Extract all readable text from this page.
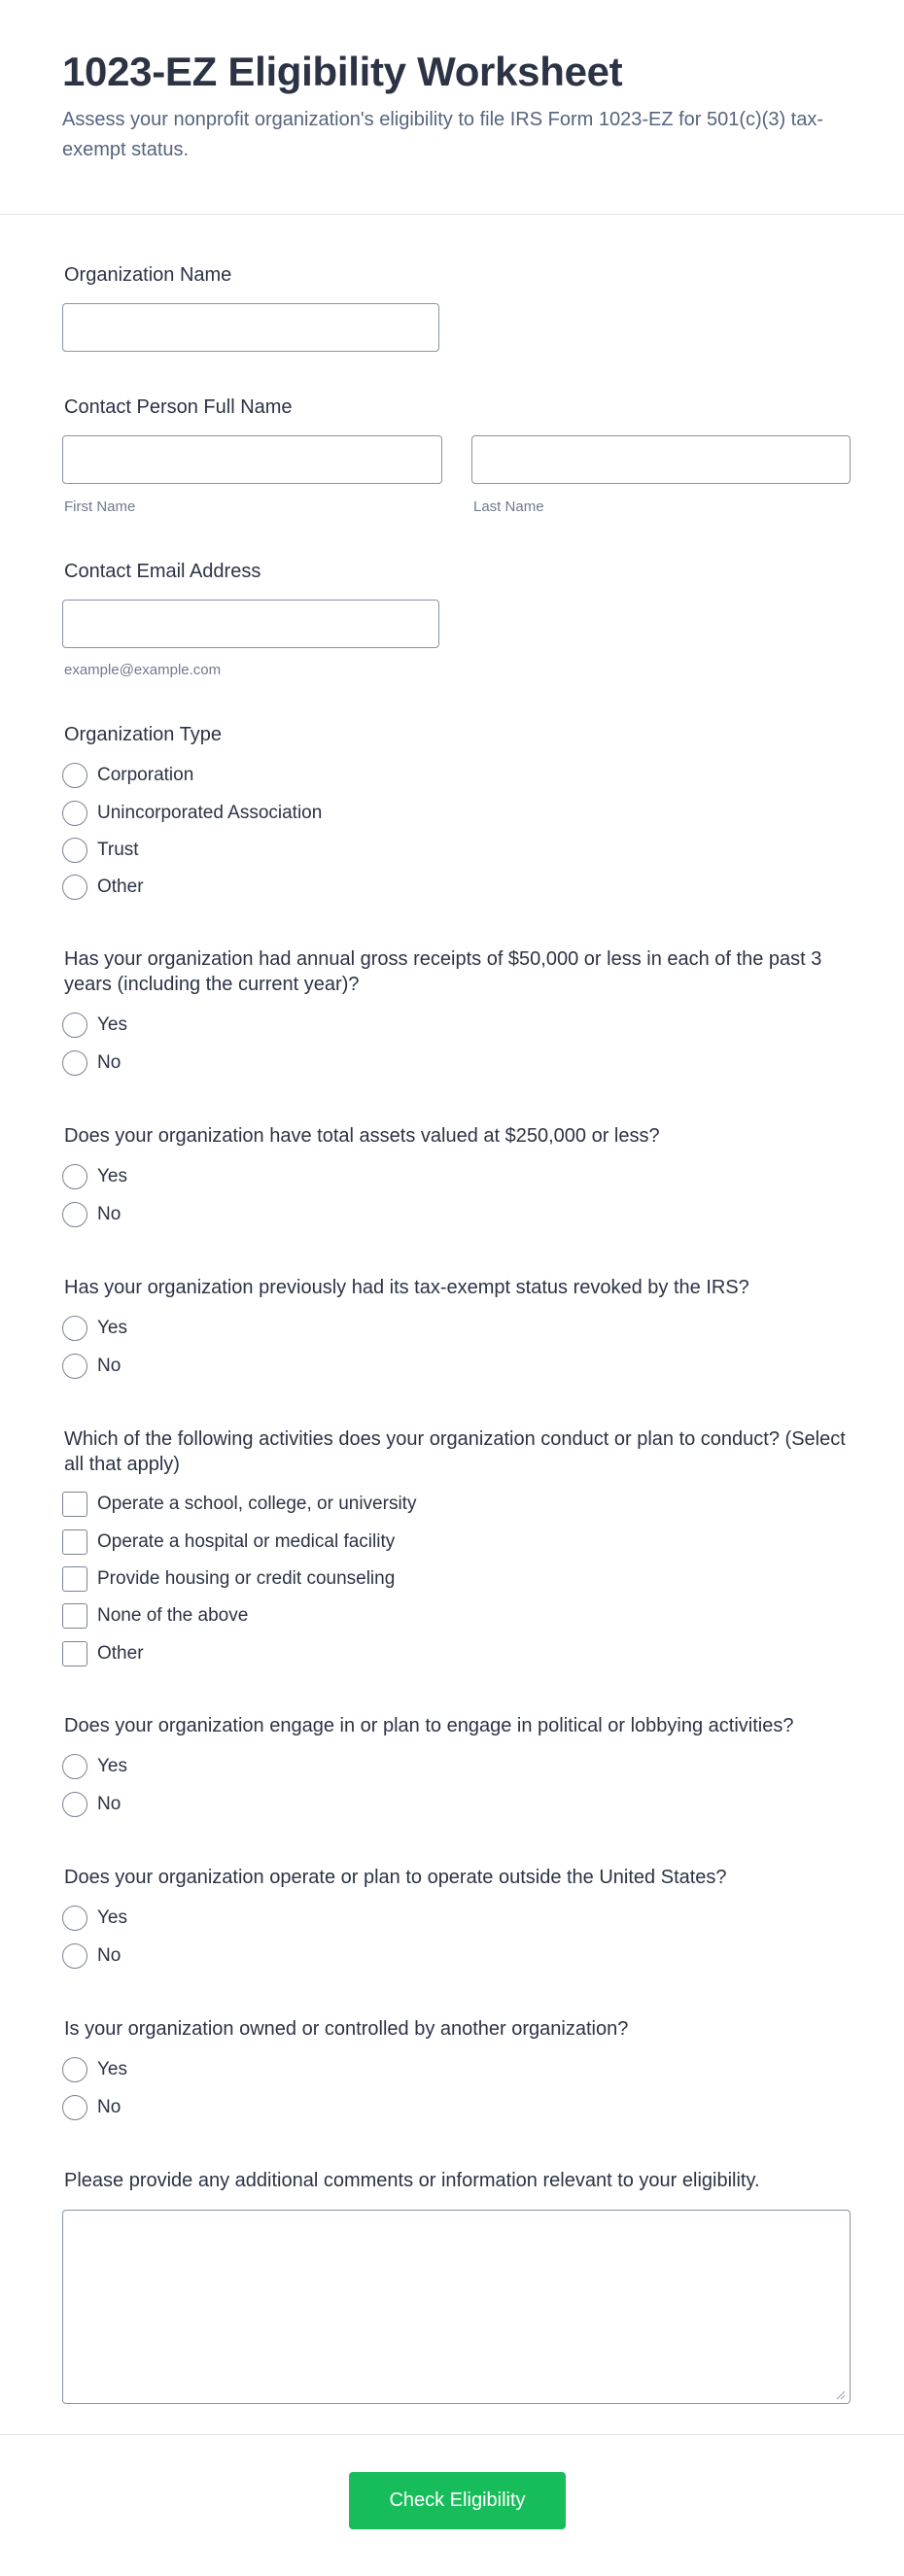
1023-EZ Eligibility Worksheet

Assess your nonprofit organization's eligibility to file IRS Form 1023-EZ for 501(c)(3) tax-exempt status.

Organization Name
Contact Person Full Name
First Name	Last Name
Contact Email Address
example@example.com
Organization Type
Corporation
Unincorporated Association
Trust
Other
Has your organization had annual gross receipts of $50,000 or less in each of the past 3 years (including the current year)?
Yes
No
Does your organization have total assets valued at $250,000 or less?
Yes
No
Has your organization previously had its tax-exempt status revoked by the IRS?
Yes
No
Which of the following activities does your organization conduct or plan to conduct? (Select all that apply)
Operate a school, college, or university
Operate a hospital or medical facility
Provide housing or credit counseling
None of the above
Other
Does your organization engage in or plan to engage in political or lobbying activities?
Yes
No
Does your organization operate or plan to operate outside the United States?
Yes
No
Is your organization owned or controlled by another organization?
Yes
No
Please provide any additional comments or information relevant to your eligibility.
Check Eligibility
